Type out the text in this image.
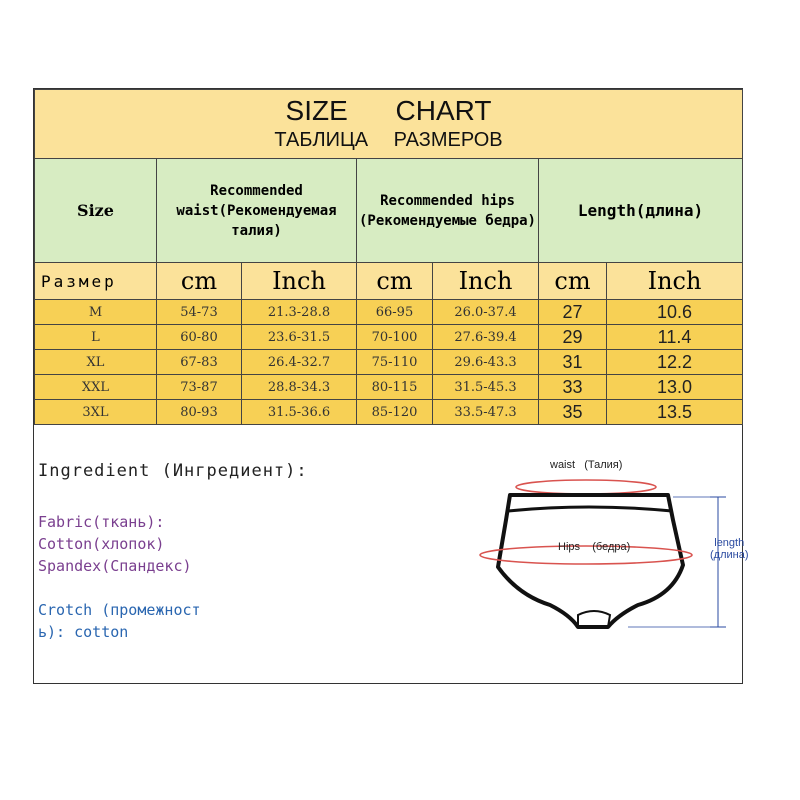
SIZE CHART
ТАБЛИЦА РАЗМЕРОВ						

Size	Recommended waist(Рекомендуемая талия)		Recommended hips (Рекомендуемые бедра)		Length(длина)	
Размер	cm	Inch	cm	Inch	cm	Inch
M	54-73	21.3-28.8	66-95	26.0-37.4	27	10.6
L	60-80	23.6-31.5	70-100	27.6-39.4	29	11.4
XL	67-83	26.4-32.7	75-110	29.6-43.3	31	12.2
XXL	73-87	28.8-34.3	80-115	31.5-45.3	33	13.0
3XL	80-93	31.5-36.6	85-120	33.5-47.3	35	13.5
Ingredient (Ингредиент):
Fabric(ткань):
Cotton(хлопок)
Spandex(Спандекс)
Crotch (промежност
ь): cotton
waist (Талия)
Hips (бедра)	length
(длина)
